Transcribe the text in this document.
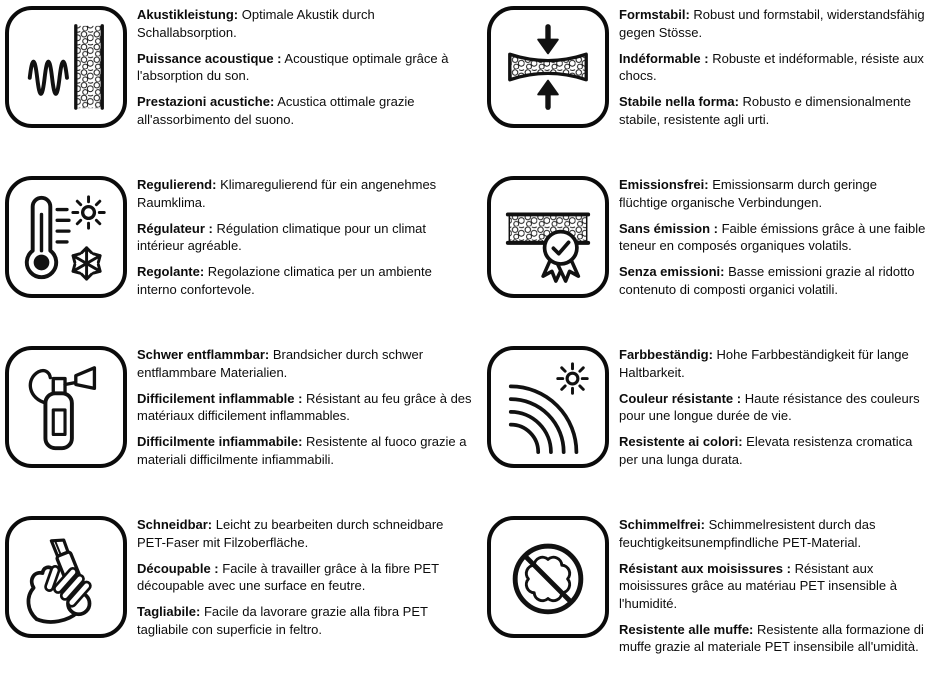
Akustikleistung: Optimale Akustik durch Schallabsorption.

Puissance acoustique : Acoustique optimale grâce à l'absorption du son.

Prestazioni acustiche: Acustica ottimale grazie all'assorbimento del suono.

Formstabil: Robust und formstabil, widerstandsfähig gegen Stösse.

Indéformable : Robuste et indéformable, résiste aux chocs.

Stabile nella forma: Robusto e dimensionalmente stabile, resistente agli urti.

Regulierend: Klimaregulierend für ein angenehmes Raumklima.

Régulateur : Régulation climatique pour un climat intérieur agréable.

Regolante: Regolazione climatica per un ambiente interno confortevole.

Emissionsfrei: Emissionsarm durch geringe flüchtige organische Verbindungen.

Sans émission : Faible émissions grâce à une faible teneur en composés organiques volatils.

Senza emissioni: Basse emissioni grazie al ridotto contenuto di composti organici volatili.

Schwer entflammbar: Brandsicher durch schwer entflammbare Materialien.

Difficilement inflammable : Résistant au feu grâce à des matériaux difficilement inflammables.

Difficilmente infiammabile: Resistente al fuoco grazie a materiali difficilmente infiammabili.

Farbbeständig: Hohe Farbbeständigkeit für lange Haltbarkeit.

Couleur résistante : Haute résistance des couleurs pour une longue durée de vie.

Resistente ai colori: Elevata resistenza cromatica per una lunga durata.

Schneidbar: Leicht zu bearbeiten durch schneidbare PET-Faser mit Filzoberfläche.

Découpable : Facile à travailler grâce à la fibre PET découpable avec une surface en feutre.

Tagliabile: Facile da lavorare grazie alla fibra PET tagliabile con superficie in feltro.

Schimmelfrei: Schimmelresistent durch das feuchtigkeitsunempfindliche PET-Material.

Résistant aux moisissures : Résistant aux moisissures grâce au matériau PET insensible à l'humidité.

Resistente alle muffe: Resistente alla formazione di muffe grazie al materiale PET insensibile all'umidità.
